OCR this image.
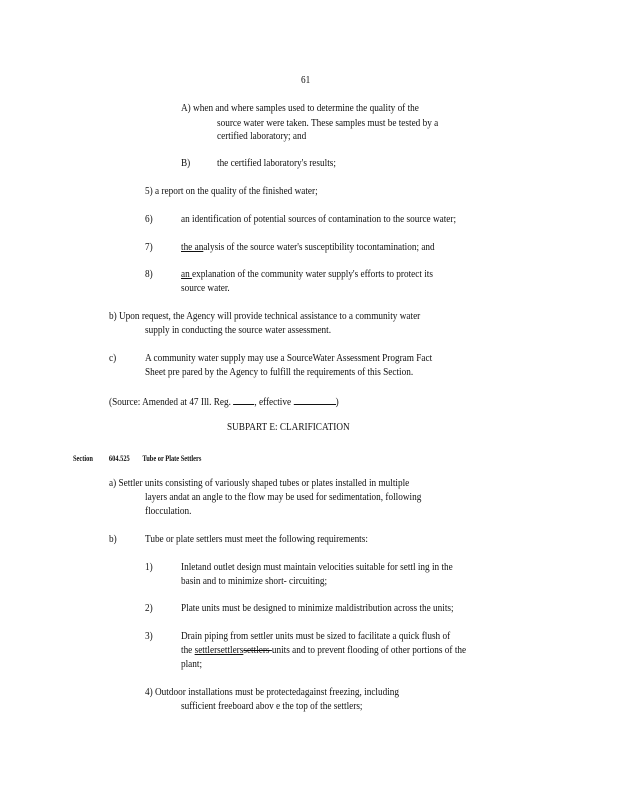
61
A) when and where samples used to determine the quality of the
source water were taken. These samples must be tested by a
certified laboratory; and
B)	the certified laboratory's results;
5) a report on the quality of the finished water;
6)	an identification of potential sources of contamination to the source water;
7)	the analysis of the source water's susceptibility tocontamination; and
8)	an explanation of the community water supply's efforts to protect its
source water.
b) Upon request, the Agency will provide technical assistance to a community water
supply in conducting the source water assessment.
c)	A community water supply may use a SourceWater Assessment Program Fact
Sheet pre pared by the Agency to fulfill the requirements of this Section.
(Source: Amended at 47 Ill. Reg. , effective	)
SUBPART E: CLARIFICATION
Section 604.525 Tube or Plate Settlers
a) Settler units consisting of variously shaped tubes or plates installed in multiple
layers andat an angle to the flow may be used for sedimentation, following
flocculation.
b)	Tube or plate settlers must meet the following requirements:
1)	Inletand outlet design must maintain velocities suitable for settl ing in the
basin and to minimize short- circuiting;
2)	Plate units must be designed to minimize maldistribution across the units;
3)	Drain piping from settler units must be sized to facilitate a quick flush of
the settlersettlerssettlers units and to prevent flooding of other portions of the
plant;
4) Outdoor installations must be protectedagainst freezing, including
sufficient freeboard abov e the top of the settlers;
